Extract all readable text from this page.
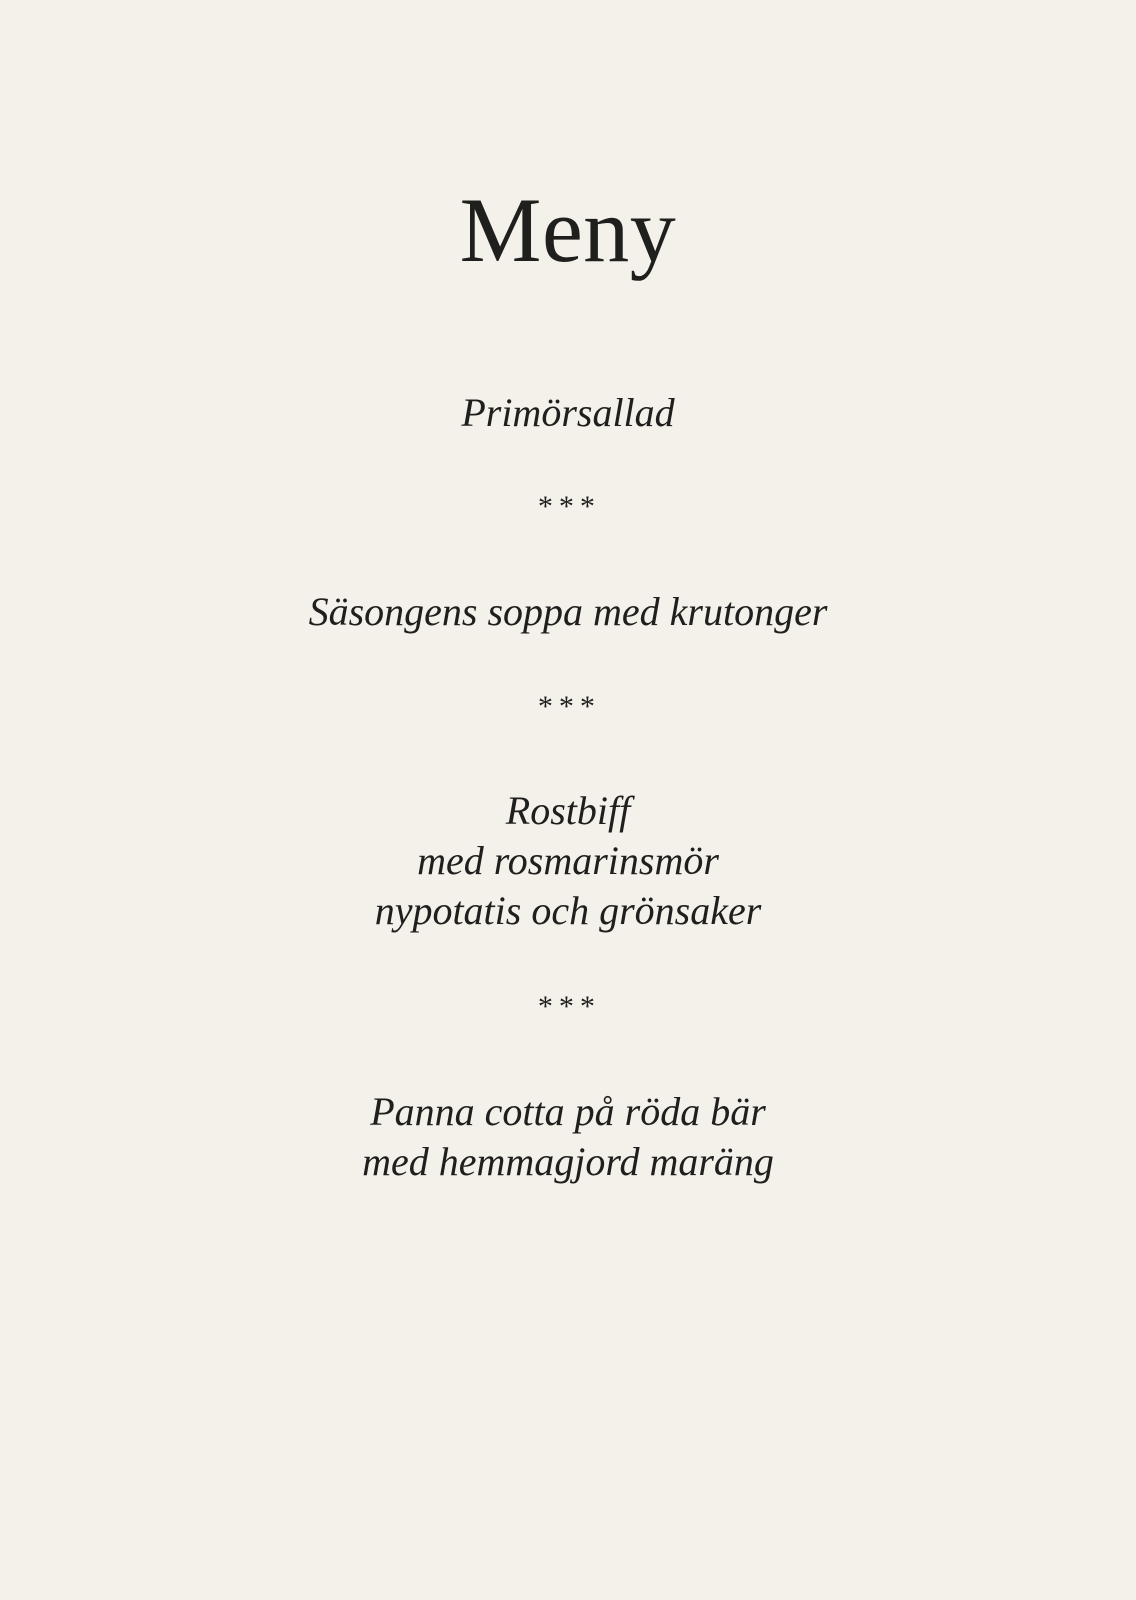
Meny
Primörsallad
***
Säsongens soppa med krutonger
***
Rostbiff
med rosmarinsmör
nypotatis och grönsaker
***
Panna cotta på röda bär
med hemmagjord maräng
